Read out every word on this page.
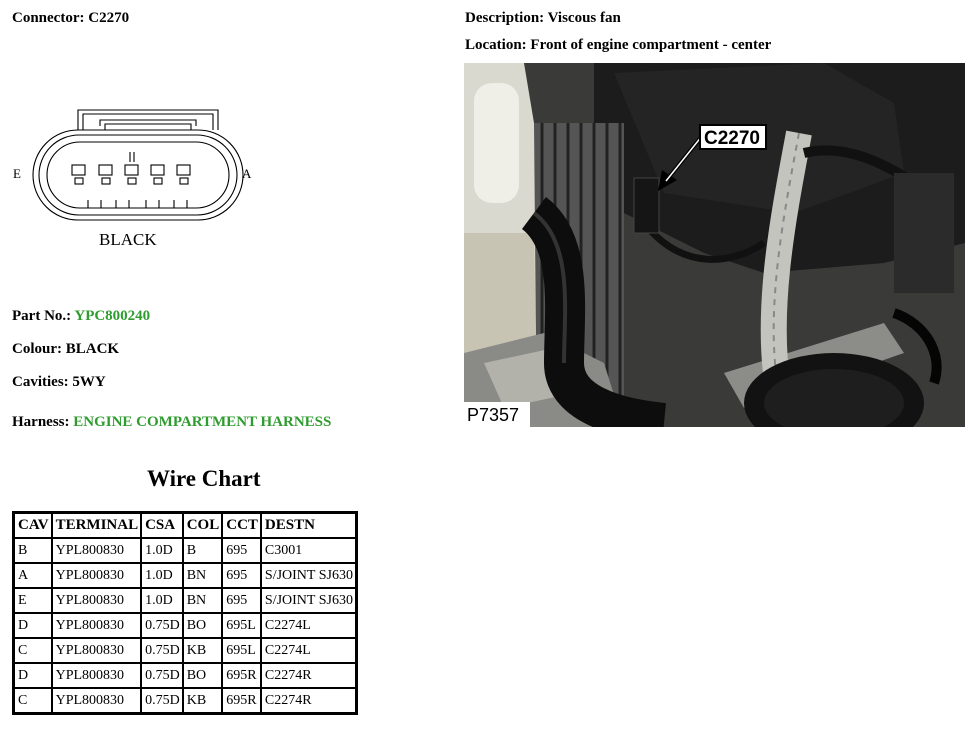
Connector: C2270	Description: Viscous fan
Location: Front of engine compartment - center
E	A
BLACK
C2270
P7357
Part No.: YPC800240
Colour: BLACK
Cavities: 5WY
Harness: ENGINE COMPARTMENT HARNESS
Wire Chart
CAV	TERMINAL	CSA	COL	CCT	DESTN
B	YPL800830	1.0D	B	695	C3001
A	YPL800830	1.0D	BN	695	S/JOINT SJ630
E	YPL800830	1.0D	BN	695	S/JOINT SJ630
D	YPL800830	0.75D	BO	695L	C2274L
C	YPL800830	0.75D	KB	695L	C2274L
D	YPL800830	0.75D	BO	695R	C2274R
C	YPL800830	0.75D	KB	695R	C2274R
